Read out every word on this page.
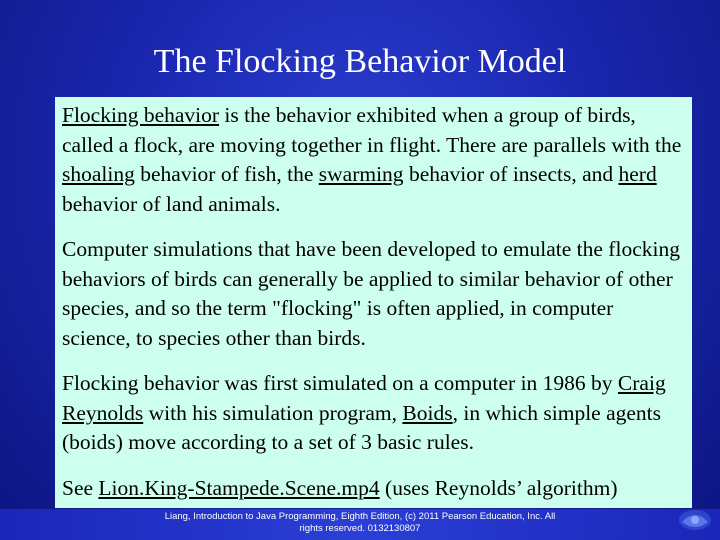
The Flocking Behavior Model

Flocking behavior is the behavior exhibited when a group of birds, called a flock, are moving together in flight. There are parallels with the shoaling behavior of fish, the swarming behavior of insects, and herd behavior of land animals.

Computer simulations that have been developed to emulate the flocking behaviors of birds can generally be applied to similar behavior of other species, and so the term "flocking" is often applied, in computer science, to species other than birds.

Flocking behavior was first simulated on a computer in 1986 by Craig Reynolds with his simulation program, Boids, in which simple agents (boids) move according to a set of 3 basic rules.

See Lion.King-Stampede.Scene.mp4 (uses Reynolds’ algorithm)

Liang, Introduction to Java Programming, Eighth Edition, (c) 2011 Pearson Education, Inc. All
rights reserved. 0132130807
